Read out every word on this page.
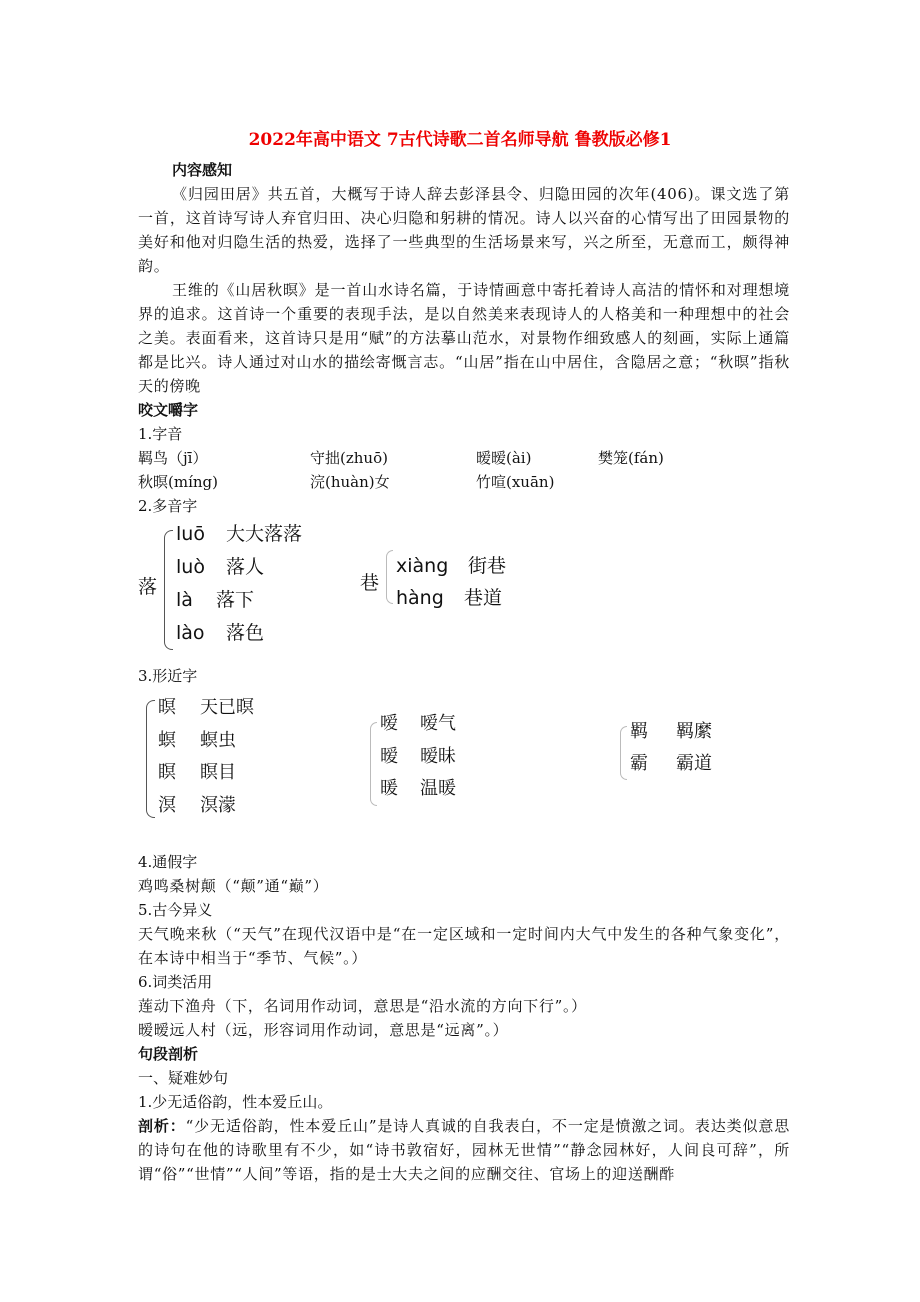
2022年高中语文 7古代诗歌二首名师导航 鲁教版必修1

内容感知

《归园田居》共五首，大概写于诗人辞去彭泽县令、归隐田园的次年(406)。课文选了第一首，这首诗写诗人弃官归田、决心归隐和躬耕的情况。诗人以兴奋的心情写出了田园景物的美好和他对归隐生活的热爱，选择了一些典型的生活场景来写，兴之所至，无意而工，颇得神韵。

王维的《山居秋暝》是一首山水诗名篇，于诗情画意中寄托着诗人高洁的情怀和对理想境界的追求。这首诗一个重要的表现手法，是以自然美来表现诗人的人格美和一种理想中的社会之美。表面看来，这首诗只是用“赋”的方法摹山范水，对景物作细致感人的刻画，实际上通篇都是比兴。诗人通过对山水的描绘寄慨言志。“山居”指在山中居住，含隐居之意；“秋暝”指秋天的傍晚

咬文嚼字

1.字音

羁鸟（jī）	守拙(zhuō)	暧暧(ài)	樊笼(fán)
秋暝(míng)	浣(huàn)女	竹喧(xuān)

2.多音字

落
luō 大大落落
luò 落人
là 落下
lào 落色
巷
xiàng 街巷
hàng 巷道

3.形近字

暝 天已暝
螟 螟虫
瞑 瞑目
溟 溟濛
嗳 嗳气
暧 暧昧
暖 温暖
羁 羁縻
霸 霸道

4.通假字

鸡鸣桑树颠（“颠”通“巅”）

5.古今异义

天气晚来秋（“天气”在现代汉语中是“在一定区域和一定时间内大气中发生的各种气象变化”，在本诗中相当于“季节、气候”。）

6.词类活用

莲动下渔舟（下，名词用作动词，意思是“沿水流的方向下行”。）

暧暧远人村（远，形容词用作动词，意思是“远离”。）

句段剖析

一、疑难妙句

1.少无适俗韵，性本爱丘山。

剖析：“少无适俗韵，性本爱丘山”是诗人真诚的自我表白，不一定是愤激之词。表达类似意思的诗句在他的诗歌里有不少，如“诗书敦宿好，园林无世情”“静念园林好，人间良可辞”，所谓“俗”“世情”“人间”等语，指的是士大夫之间的应酬交往、官场上的迎送酬酢
